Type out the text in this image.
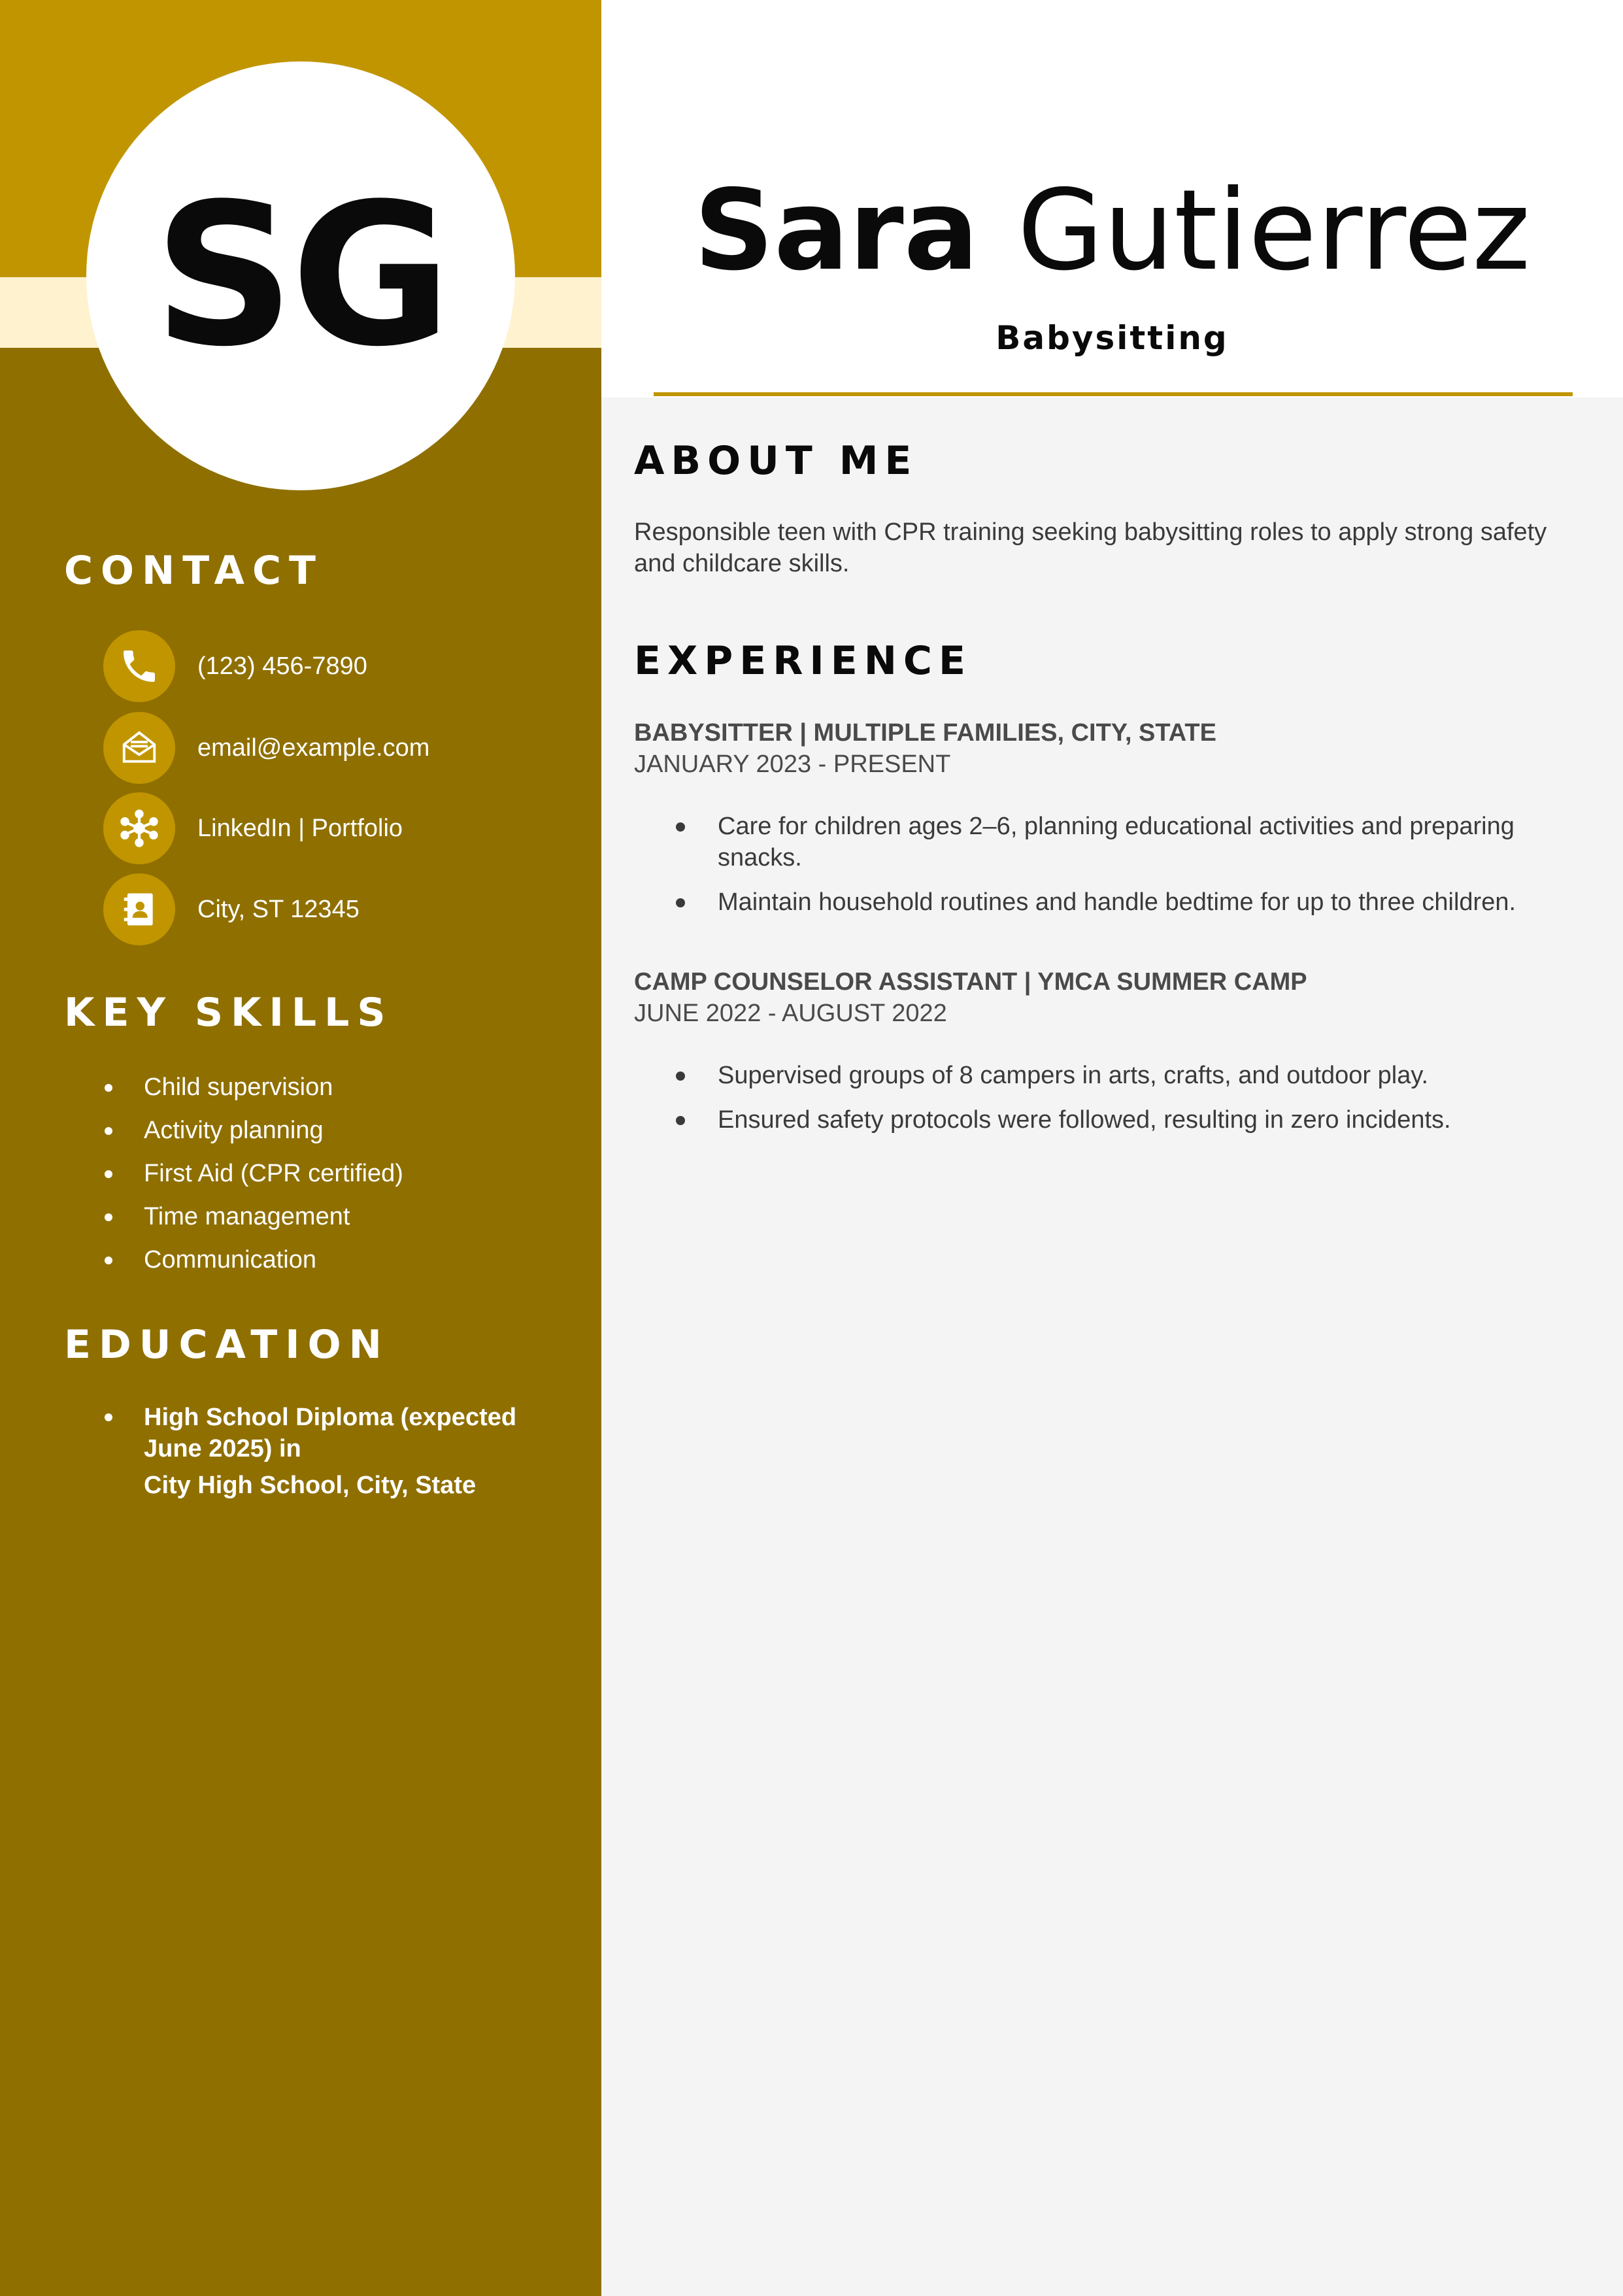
SG
CONTACT
(123) 456-7890
email@example.com
LinkedIn | Portfolio
City, ST 12345
KEY SKILLS
Child supervision
Activity planning
First Aid (CPR certified)
Time management
Communication
EDUCATION
High School Diploma (expected June 2025) in
City High School, City, State
Sara Gutierrez
Babysitting
ABOUT ME

Responsible teen with CPR training seeking babysitting roles to apply strong safety and childcare skills.

EXPERIENCE

BABYSITTER | MULTIPLE FAMILIES, CITY, STATE

JANUARY 2023 - PRESENT

Care for children ages 2–6, planning educational activities and preparing snacks.
Maintain household routines and handle bedtime for up to three children.

CAMP COUNSELOR ASSISTANT | YMCA SUMMER CAMP

JUNE 2022 - AUGUST 2022

Supervised groups of 8 campers in arts, crafts, and outdoor play.
Ensured safety protocols were followed, resulting in zero incidents.
